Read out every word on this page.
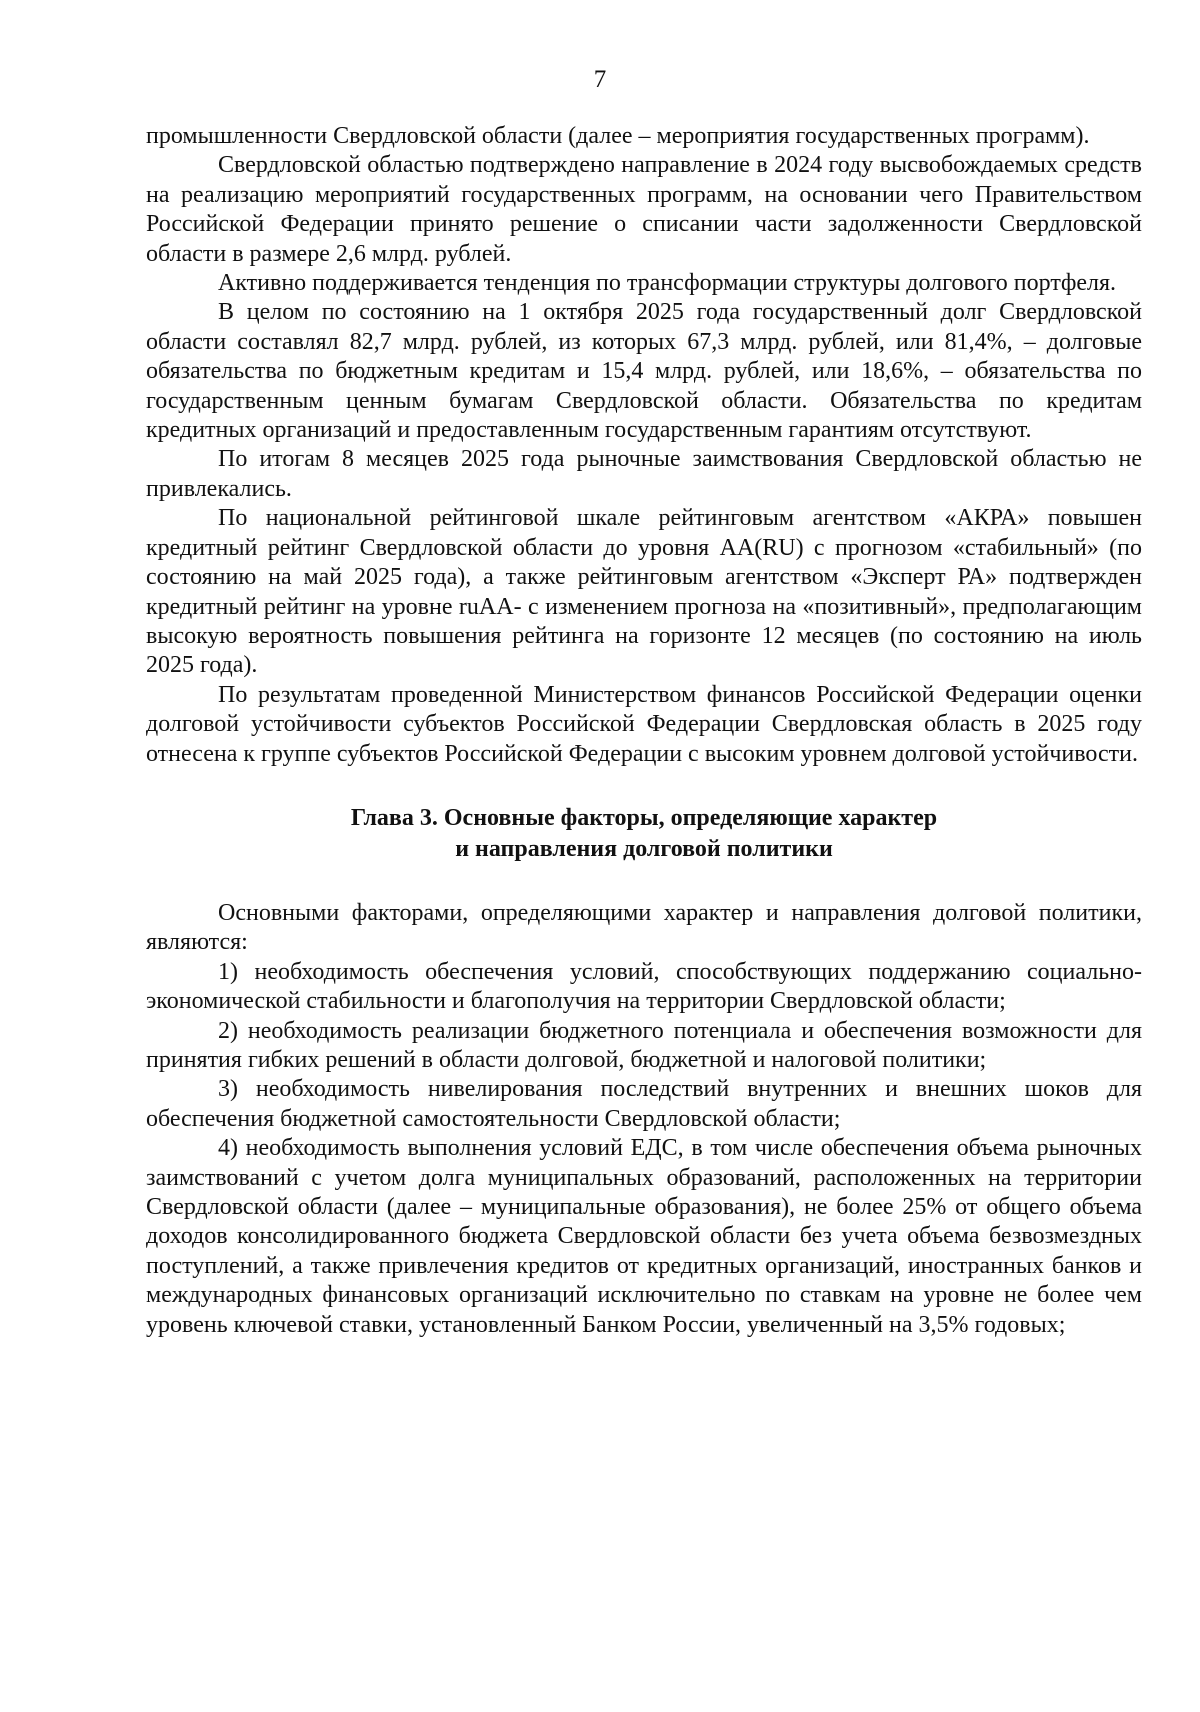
7

промышленности Свердловской области (далее – мероприятия государственных программ).

Свердловской областью подтверждено направление в 2024 году высвобождаемых средств на реализацию мероприятий государственных программ, на основании чего Правительством Российской Федерации принято решение о списании части задолженности Свердловской области в размере 2,6 млрд. рублей.

Активно поддерживается тенденция по трансформации структуры долгового портфеля.

В целом по состоянию на 1 октября 2025 года государственный долг Свердловской области составлял 82,7 млрд. рублей, из которых 67,3 млрд. рублей, или 81,4%, – долговые обязательства по бюджетным кредитам и 15,4 млрд. рублей, или 18,6%, – обязательства по государственным ценным бумагам Свердловской области. Обязательства по кредитам кредитных организаций и предоставленным государственным гарантиям отсутствуют.

По итогам 8 месяцев 2025 года рыночные заимствования Свердловской областью не привлекались.

По национальной рейтинговой шкале рейтинговым агентством «АКРА» повышен кредитный рейтинг Свердловской области до уровня AA(RU) с прогнозом «стабильный» (по состоянию на май 2025 года), а также рейтинговым агентством «Эксперт РА» подтвержден кредитный рейтинг на уровне ruAA- с изменением прогноза на «позитивный», предполагающим высокую вероятность повышения рейтинга на горизонте 12 месяцев (по состоянию на июль 2025 года).

По результатам проведенной Министерством финансов Российской Федерации оценки долговой устойчивости субъектов Российской Федерации Свердловская область в 2025 году отнесена к группе субъектов Российской Федерации с высоким уровнем долговой устойчивости.

Глава 3. Основные факторы, определяющие характер
и направления долговой политики

Основными факторами, определяющими характер и направления долговой политики, являются:

1) необходимость обеспечения условий, способствующих поддержанию социально-экономической стабильности и благополучия на территории Свердловской области;

2) необходимость реализации бюджетного потенциала и обеспечения возможности для принятия гибких решений в области долговой, бюджетной и налоговой политики;

3) необходимость нивелирования последствий внутренних и внешних шоков для обеспечения бюджетной самостоятельности Свердловской области;

4) необходимость выполнения условий ЕДС, в том числе обеспечения объема рыночных заимствований с учетом долга муниципальных образований, расположенных на территории Свердловской области (далее – муниципальные образования), не более 25% от общего объема доходов консолидированного бюджета Свердловской области без учета объема безвозмездных поступлений, а также привлечения кредитов от кредитных организаций, иностранных банков и международных финансовых организаций исключительно по ставкам на уровне не более чем уровень ключевой ставки, установленный Банком России, увеличенный на 3,5% годовых;
